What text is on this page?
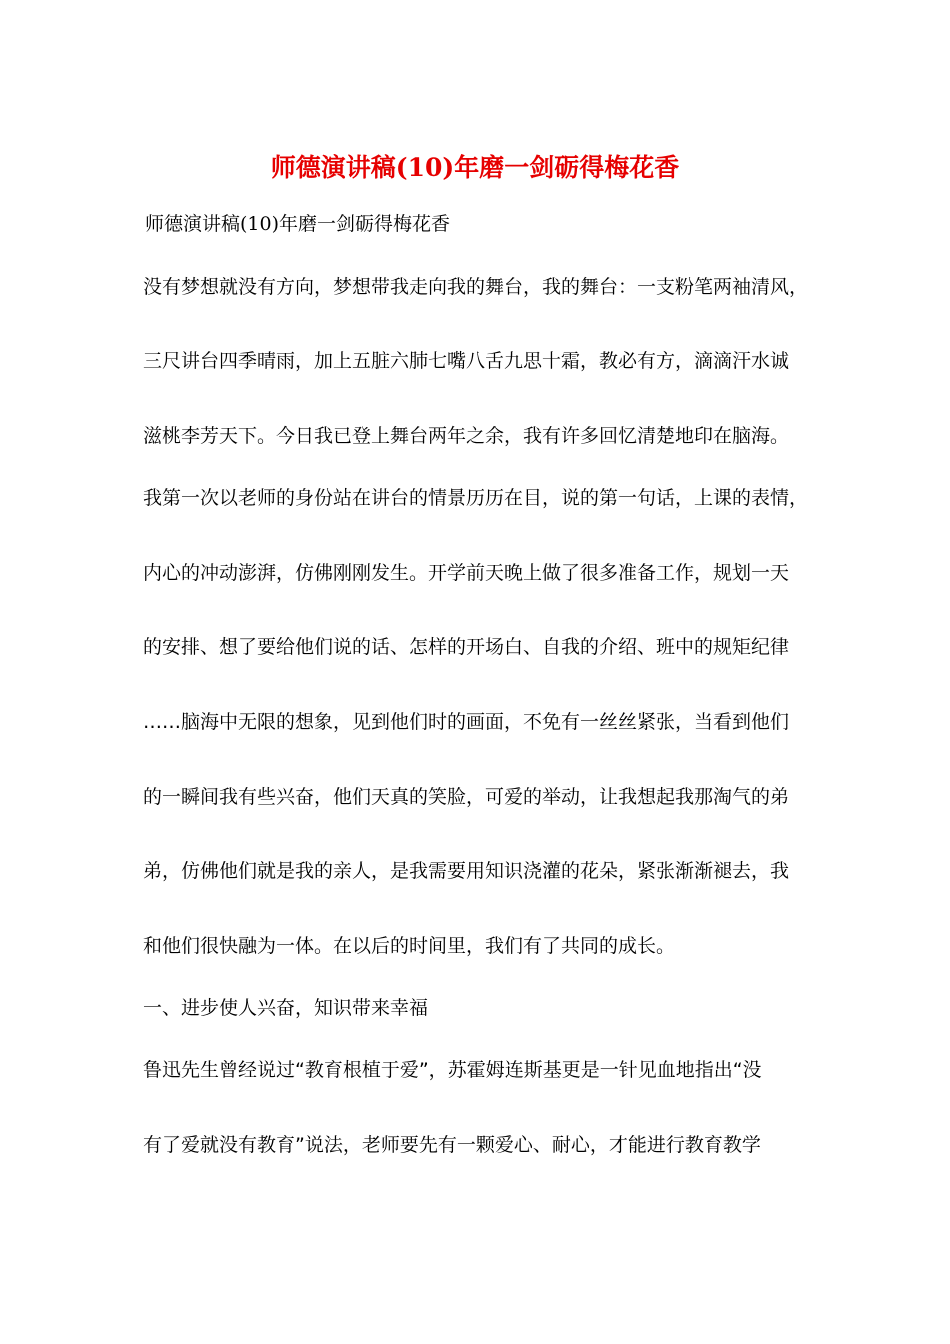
师德演讲稿(10)年磨一剑砺得梅花香

师德演讲稿(10)年磨一剑砺得梅花香

没有梦想就没有方向，梦想带我走向我的舞台，我的舞台：一支粉笔两袖清风，

三尺讲台四季晴雨，加上五脏六肺七嘴八舌九思十霜，教必有方，滴滴汗水诚

滋桃李芳天下。今日我已登上舞台两年之余，我有许多回忆清楚地印在脑海。

我第一次以老师的身份站在讲台的情景历历在目，说的第一句话，上课的表情，

内心的冲动澎湃，仿佛刚刚发生。开学前天晚上做了很多准备工作，规划一天

的安排、想了要给他们说的话、怎样的开场白、自我的介绍、班中的规矩纪律

……脑海中无限的想象，见到他们时的画面，不免有一丝丝紧张，当看到他们

的一瞬间我有些兴奋，他们天真的笑脸，可爱的举动，让我想起我那淘气的弟

弟，仿佛他们就是我的亲人，是我需要用知识浇灌的花朵，紧张渐渐褪去，我

和他们很快融为一体。在以后的时间里，我们有了共同的成长。

一、进步使人兴奋，知识带来幸福

鲁迅先生曾经说过“教育根植于爱”，苏霍姆连斯基更是一针见血地指出“没

有了爱就没有教育”说法，老师要先有一颗爱心、耐心，才能进行教育教学
